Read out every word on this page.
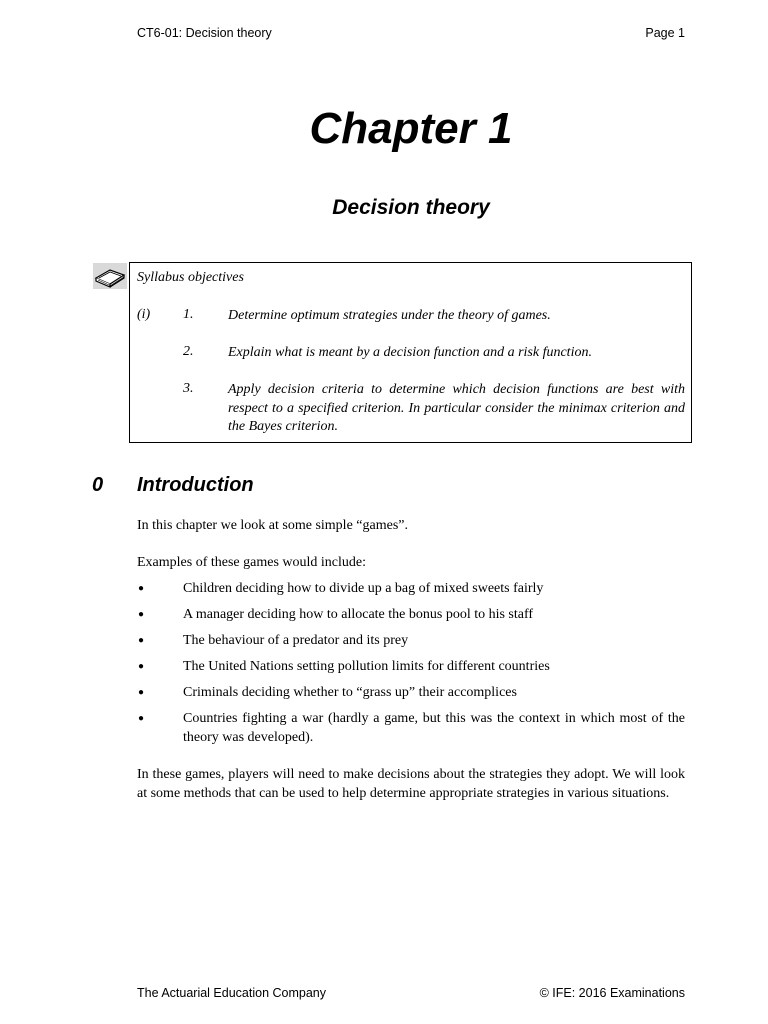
CT6-01: Decision theory	Page 1
Chapter 1
Decision theory
Syllabus objectives
(i) 1. Determine optimum strategies under the theory of games.
2. Explain what is meant by a decision function and a risk function.
3. Apply decision criteria to determine which decision functions are best with respect to a specified criterion. In particular consider the minimax criterion and the Bayes criterion.
0 Introduction

In this chapter we look at some simple “games”.

Examples of these games would include:

●	Children deciding how to divide up a bag of mixed sweets fairly
●	A manager deciding how to allocate the bonus pool to his staff
●	The behaviour of a predator and its prey
●	The United Nations setting pollution limits for different countries
●	Criminals deciding whether to “grass up” their accomplices
●	Countries fighting a war (hardly a game, but this was the context in which most of the theory was developed).

In these games, players will need to make decisions about the strategies they adopt. We will look at some methods that can be used to help determine appropriate strategies in various situations.

The Actuarial Education Company	© IFE: 2016 Examinations
